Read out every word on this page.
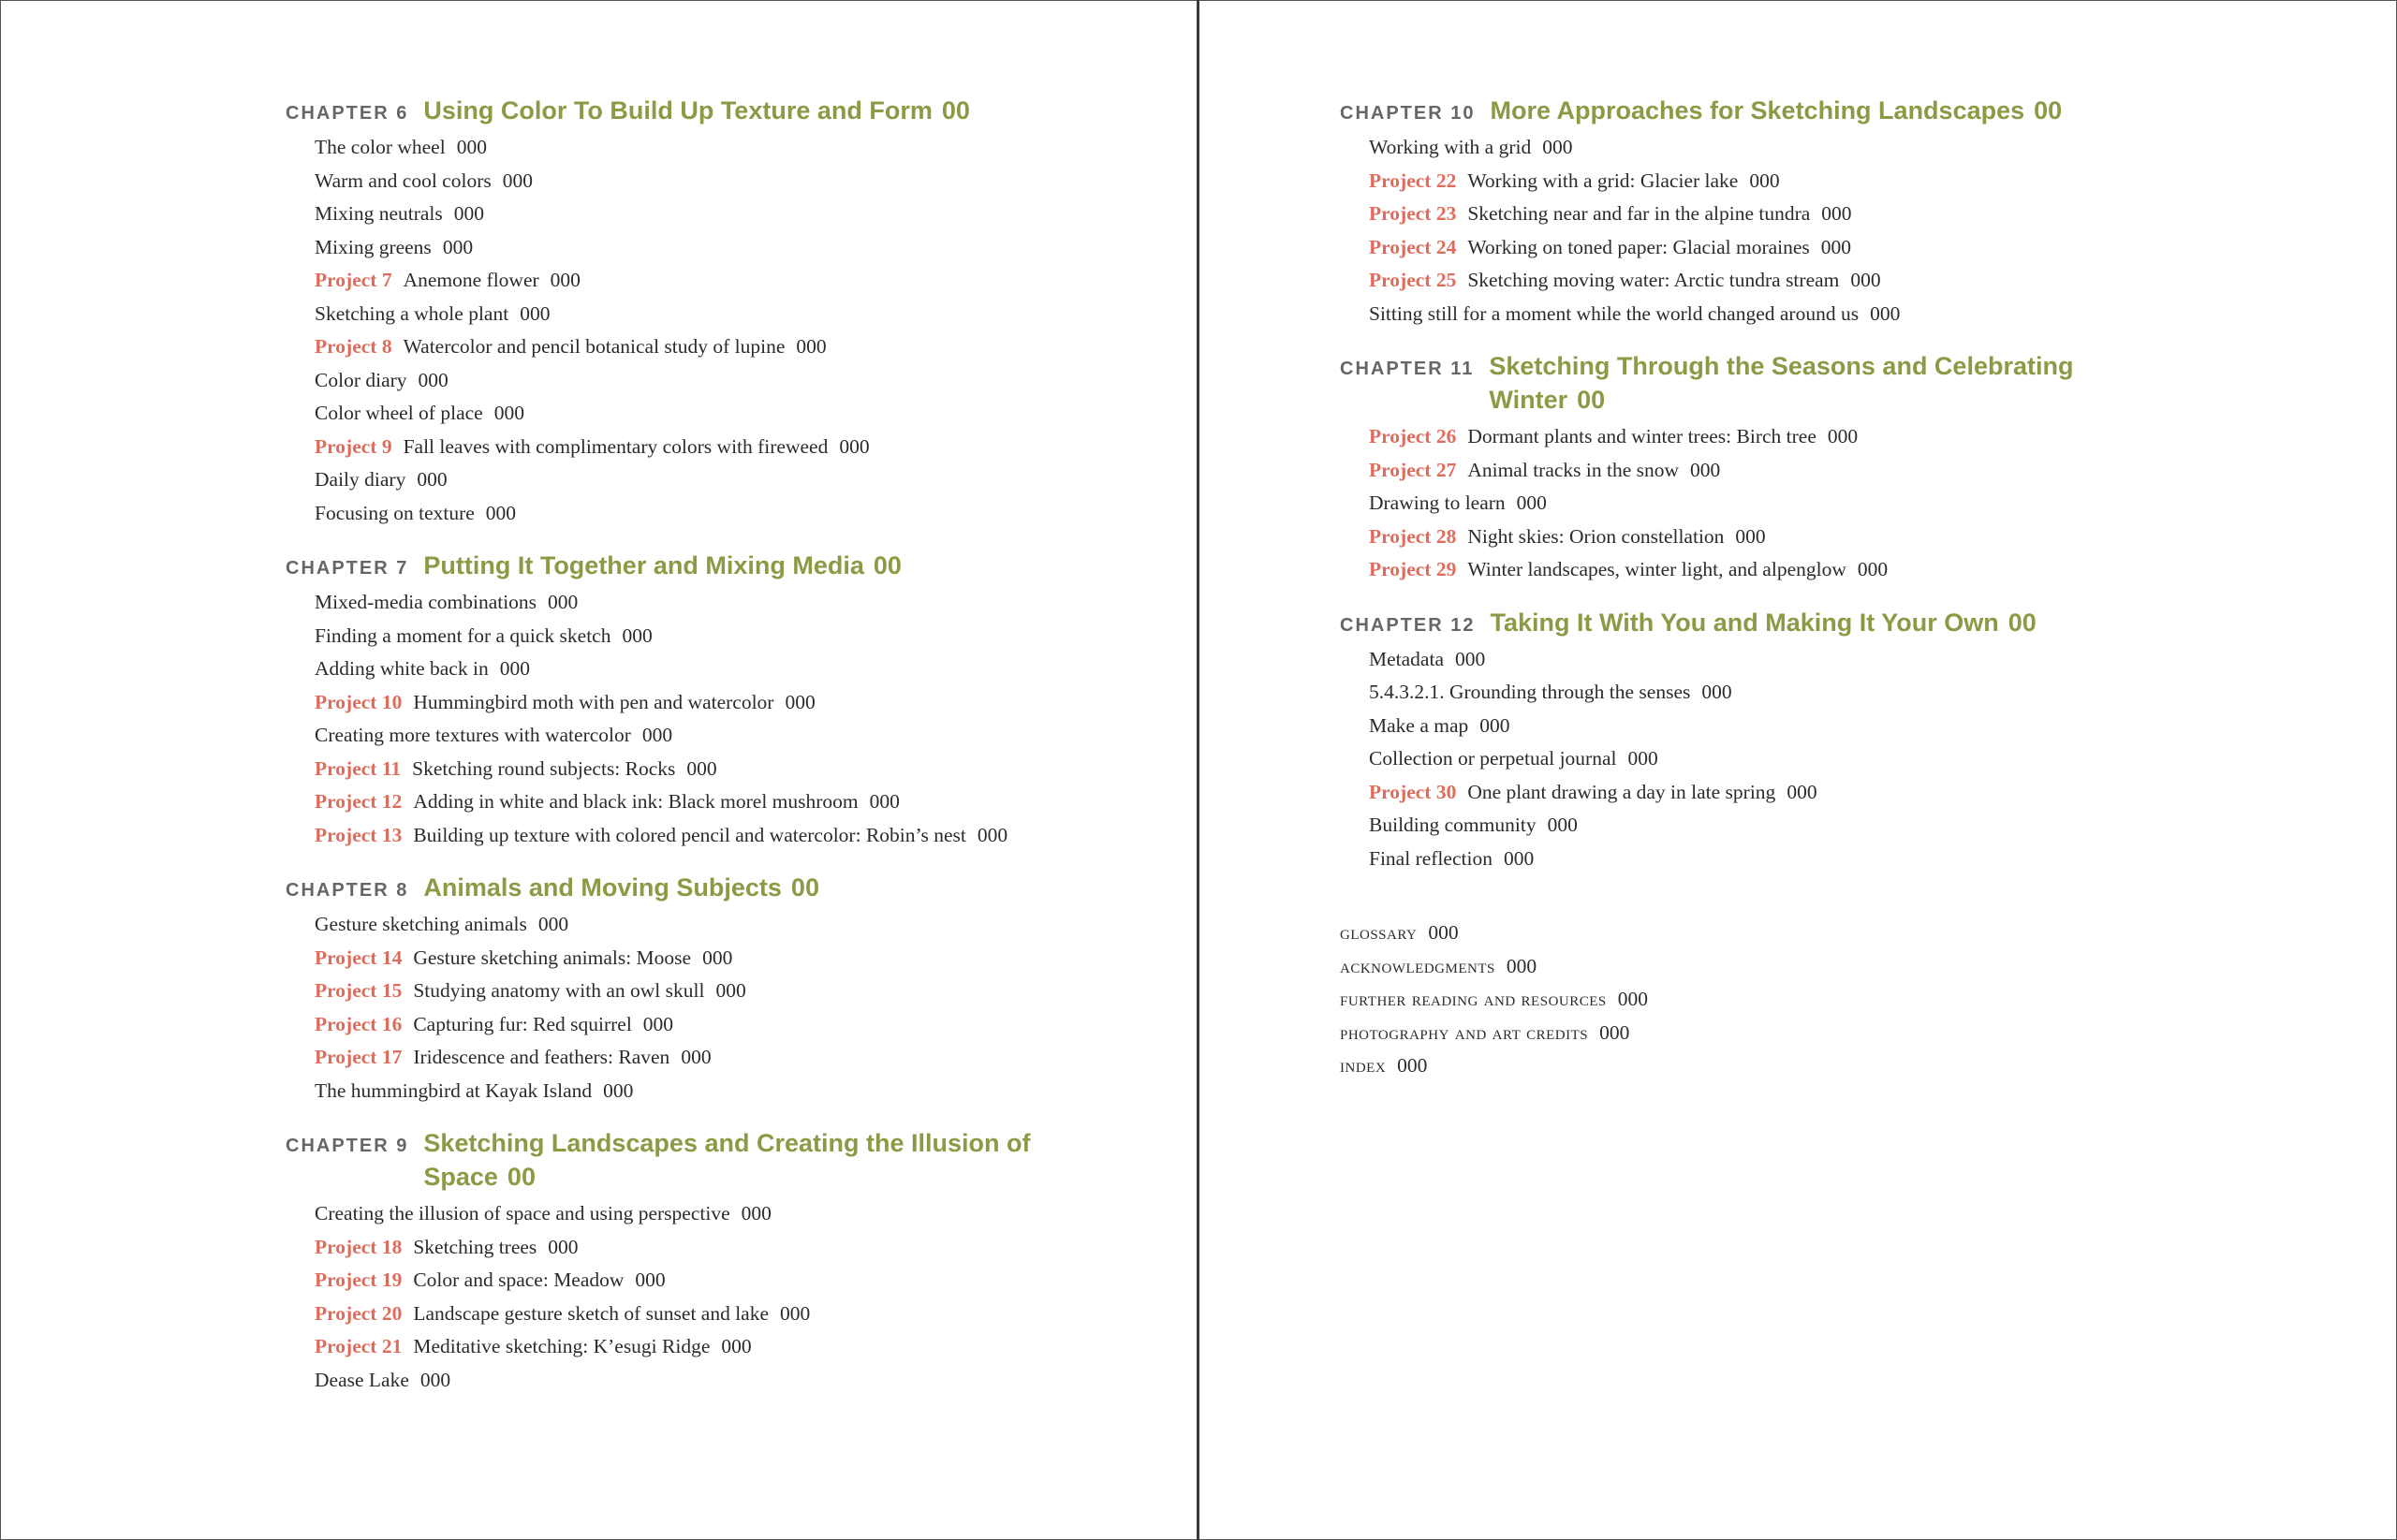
CHAPTER 6 Using Color To Build Up Texture and Form 00
The color wheel 000
Warm and cool colors 000
Mixing neutrals 000
Mixing greens 000
Project 7 Anemone flower 000
Sketching a whole plant 000
Project 8 Watercolor and pencil botanical study of lupine 000
Color diary 000
Color wheel of place 000
Project 9 Fall leaves with complimentary colors with fireweed 000
Daily diary 000
Focusing on texture 000
CHAPTER 7 Putting It Together and Mixing Media 00
Mixed-media combinations 000
Finding a moment for a quick sketch 000
Adding white back in 000
Project 10 Hummingbird moth with pen and watercolor 000
Creating more textures with watercolor 000
Project 11 Sketching round subjects: Rocks 000
Project 12 Adding in white and black ink: Black morel mushroom 000
Project 13 Building up texture with colored pencil and watercolor: Robin’s nest 000
CHAPTER 8 Animals and Moving Subjects 00
Gesture sketching animals 000
Project 14 Gesture sketching animals: Moose 000
Project 15 Studying anatomy with an owl skull 000
Project 16 Capturing fur: Red squirrel 000
Project 17 Iridescence and feathers: Raven 000
The hummingbird at Kayak Island 000
CHAPTER 9 Sketching Landscapes and Creating the Illusion of Space 00
Creating the illusion of space and using perspective 000
Project 18 Sketching trees 000
Project 19 Color and space: Meadow 000
Project 20 Landscape gesture sketch of sunset and lake 000
Project 21 Meditative sketching: K’esugi Ridge 000
Dease Lake 000
CHAPTER 10 More Approaches for Sketching Landscapes 00
Working with a grid 000
Project 22 Working with a grid: Glacier lake 000
Project 23 Sketching near and far in the alpine tundra 000
Project 24 Working on toned paper: Glacial moraines 000
Project 25 Sketching moving water: Arctic tundra stream 000
Sitting still for a moment while the world changed around us 000
CHAPTER 11 Sketching Through the Seasons and Celebrating Winter 00
Project 26 Dormant plants and winter trees: Birch tree 000
Project 27 Animal tracks in the snow 000
Drawing to learn 000
Project 28 Night skies: Orion constellation 000
Project 29 Winter landscapes, winter light, and alpenglow 000
CHAPTER 12 Taking It With You and Making It Your Own 00
Metadata 000
5.4.3.2.1. Grounding through the senses 000
Make a map 000
Collection or perpetual journal 000
Project 30 One plant drawing a day in late spring 000
Building community 000
Final reflection 000
glossary 000
acknowledgments 000
further reading and resources 000
photography and art credits 000
index 000
